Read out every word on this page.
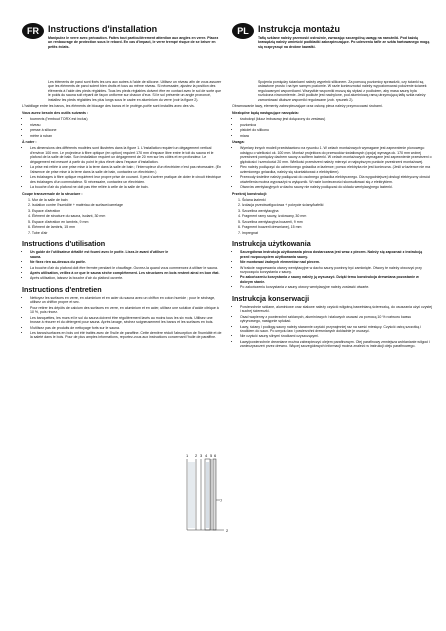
FR	Instructions d'installation
Manipulez le verre avec précaution. Faites tout particulièrement attention aux angles en verre. Placez un renbourage de protection sous le rebord. En cas d'impact, le verre trempé risque de se briser en petits éclats.
PL	Instrukcja montażu
Taflę szklane należy przenosić ostrożnie, zwracając szczególną uwagę na narożniki. Pod każdą krawędzią należy umieścić podkładki zabezpieczające. Po uderzeniu tafle ze szkła hartowanego mogą się rozprysnąć na drobne kawałki.

Les éléments de paroi sont fixés les uns aux autres à l'aide de silicone. Utilisez un niveau afin de vous assurer que les éléments de paroi soient bien droits et tous au même niveau. Si nécessaire, ajustez la position des éléments à l'aide des pieds réglables. Tous les pieds réglables doivent être en contact avec le sol de sorte que le poids du sauna soit réparti de façon uniforme sur chacun d'eux. Si le sol présente un angle prononcé, installez les pieds réglables les plus longs sous le cadre en aluminium du verre (voir la figure 2).

L'habillage entre les bancs, les éléments de blocage des bancs et le protège-poêle sont installés avec des vis.

Vous aurez besoin des outils suivants :

• tournevis (l'embout TORX est inclus)
• niveau
• presse à silicone
• mètre à ruban

À noter :

• Les dimensions des différents modèles sont illustrées dans la figure 1. L'installation requiert un dégagement vertical d'environ 100 mm. Le projecteur à fibre optique (en option) requiert 170 mm d'espace libre entre le toit du sauna et le plafond de la salle de bain. Son installation requiert un dégagement de 20 mm sur les côtés et en profondeur. Le dégagement est mesuré à partir du point le plus élevé dans l'espace d'installation.
• La prise est reliée à une prise mise à la terre dans la salle de bain ; l'interrupteur d'un électricien n'est pas nécessaire. (En l'absence de prise mise à la terre dans la salle de bain, contactez un électricien.)
• Les éclairages à fibre optique requièrent leur propre prise de courant. Il peut s'avérer pratique de doter le circuit électrique des éclairages d'un commutateur. Si nécessaire, contactez un électricien.
• La bouche d'air du plafond ne doit pas être reliée à celle de la salle de bain.

Coupe transversale de la structure :

1. Mur de la salle de bain
2. Isolation contre l'humidité + matériau de surface/carrelage
3. Espace d'aération
4. Élément de structure du sauna, isolant, 30 mm
5. Espace d'aération en lambris, 9 mm
6. Élément de lambris, 15 mm
7. Tube d'air
Instructions d'utilisation
• Un guide de l'utilisateur détaillé est fourni avec le poêle. Lisez-le avant d'utiliser le sauna.
• Ne fixez rien au-dessus du poêle.
• La bouche d'air du plafond doit être fermée pendant le chauffage. Ouvrez-la quand vous commencez à utiliser le sauna.
• Après utilisation, veillez à ce que le sauna sèche complètement. Les structures en bois restent ainsi en bon état.
• Après utilisation, laissez la bouche d'air du plafond ouverte.
Instructions d'entretien
• Nettoyez les surfaces en verre, en aluminium et en acier du sauna avec un chiffon en coton humide ; pour le séchage, utilisez un chiffon propre et sec.
• Pour retirer les dépôts de calcium des surfaces en verre, en aluminium et en acier, utilisez une solution d'acide citrique à 10 %, puis rincez.
• Les banquettes, les murs et le sol du sauna doivent être régulièrement lavés au moins tous les six mois. Utilisez une brosse à récurer et du détergent pour sauna. Après lavage, séchez soigneusement les bancs et les surfaces en bois.
• N'utilisez pas de produits de nettoyage forts sur le sauna.
• Les bancs/surfaces en bois ont été traités avec de l'huile de paraffine. Cette dernière réduit l'absorption de l'humidité et de la saleté dans le bois. Pour de plus amples informations, reportez-vous aux instructions concernant l'huile de paraffine.

Spojenia pomiędzy ściankami należy wypełnić silikonem. Za pomocą poziomicy sprawdzić, czy ścianki są ustawione prosto i na tym samym poziomie. W razie konieczności należy wypoziomować położenie ścianek regulowanymi wspornikami. Wszystkie wsporniki muszą się stykać z podłożem, aby masa sauny była rozłożona równomiernie. Jeśli podłoże jest nachylone, pod aluminiową ramą utrzymującą taflę szkła należy zamontować dłuższe wsporniki regulowane (zob. rysunek 2).

Obramowanie ławy, elementy zabezpieczające oraz osłonę pieca należy przymocować śrubami.

Niezbędne będą następujące narzędzia:

• śrubokręt (klucz imbusowy jest dołączony do zestawu)
• poziomica
• pistolet do silikonu
• miara

Uwaga:

• Wymiary innych modeli przedstawiono na rysunku 1. W celach montażowych wymagane jest zapewnienie pionowego odstępu o wielkości ok. 100 mm. Montaż projektora do przewodów światłowych (opcja) wymaga ok. 170 mm wolnej przestrzeni pomiędzy dachem sauny a sufitem łazienki. W celach montażowych wymagane jest zapewnienie przestrzeni o głębokości i szerokości 20 mm. Wielkość przestrzeni należy mierzyć w najwyższym punkcie przestrzeni montażowej.
• Piec należy podłączyć do uziemionego gniazdka w łazience; pomoc elektryka nie jest konieczna. (Jeśli w łazience nie ma uziemionego gniazdka, należy się skontaktować z elektrykiem).
• Przewody świetlne należy podłączać do osobnego gniazdka elektrycznego. Dla wygodniejszej obsługi elektryczny obwód oświetlenia można wyposażyć w wyłącznik. W razie konieczności skonsultować się z elektrykiem.
• Otworów wentylacyjnych w dachu sauny nie należy podłączać do układu wentylacyjnego łazienki.

Przekrój konstrukcji:

1. Ściana łazienki
2. Izolacja przeciwwilgociowa + pokrycie ściany/kafelki
3. Szczelina wentylacyjna
4. Fragment ramy sauny, izolowany, 30 mm
5. Szczelina wentylacyjna boazerii, 9 mm
6. Fragment boazerii drewnianej, 15 mm
7. Impregnat
Instrukcja użytkowania
• Szczegółowa instrukcja użytkowania pieca dostarczana jest wraz z piecem. Należy się zapoznać z instrukcją przed rozpoczęciem użytkowania sauny.
• Nie montować żadnych elementów nad piecem.
• W trakcie nagrzewania otwory wentylacyjne w dachu sauny powinny być zamknięte. Otwory te należy otworzyć przy rozpoczęciu korzystania z sauny.
• Po zakończeniu korzystania z sauny należy ją wysuszyć. Dzięki temu konstrukcja drewniana pozostanie w dobrym stanie.
• Po zakończeniu korzystania z sauny otwory wentylacyjne należy zostawić otwarte.
Instrukcja konserwacji
• Powierzchnie szklane, aluminiowe oraz stalowe należy czyścić wilgotną bawełnianą ściereczką, do osuszania użyć czystej i suchej ściereczki.
• Osad wapienny z powierzchni szklanych, aluminiowych i stalowych usuwać za pomocą 10 % roztworu kwasu cytrynowego, następnie spłukać.
• Ławy, ściany i podłogę sauny należy starannie czyścić przynajmniej raz na sześć miesięcy. Czyścić ostrą szczotką i środkiem do saun. Po umyciu ław i powierzchni drewnianych dokładnie je osuszyć.
• Nie czyścić sauny silnymi środkami czyszczącymi.
• Ławy/powierzchnie drewniane można zabezpieczyć olejem parafinowym. Olej parafinowy zmniejsza wchłanianie wilgoci i zanieczyszczeń przez drewno. Więcej szczegółowych informacji można znaleźć w instrukcji oleju parafinowego.
1 2 3 4 5 6
7
2
